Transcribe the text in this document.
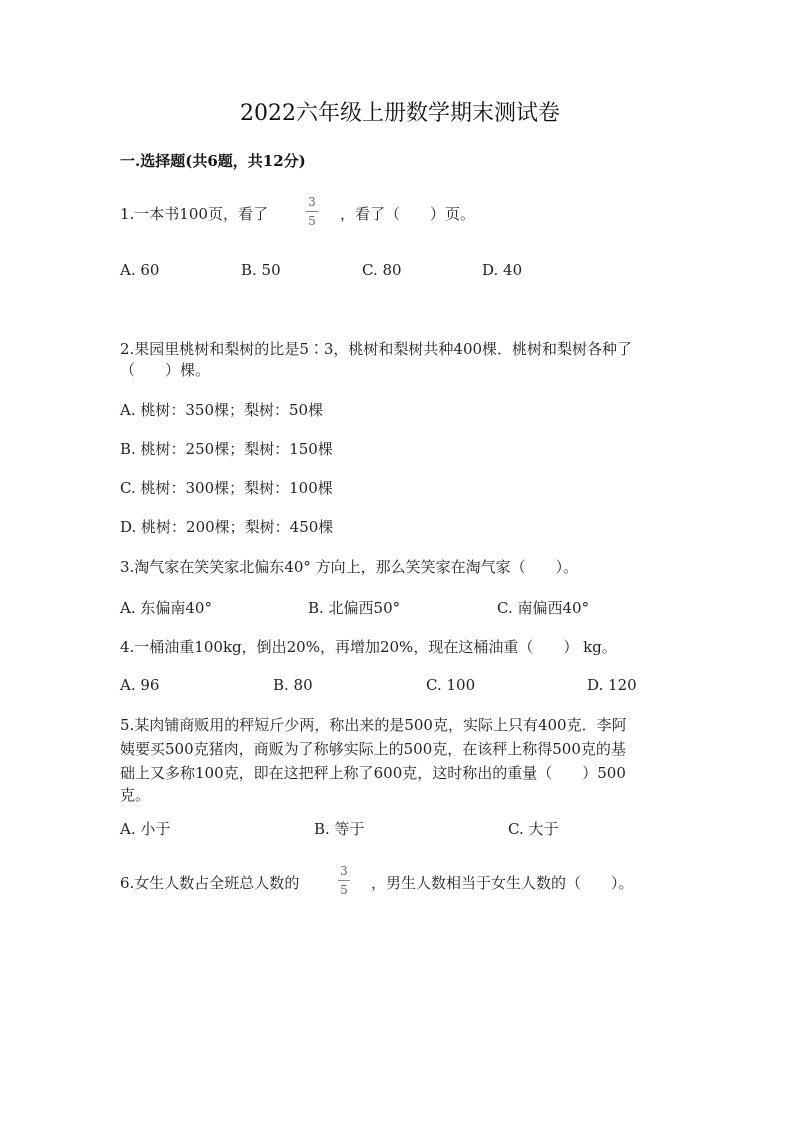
2022六年级上册数学期末测试卷
一.选择题(共6题，共12分)
1.一本书100页，看了
3
5 ，看了（　　）页。
A. 60	B. 50	C. 80	D. 40
2.果园里桃树和梨树的比是5∶3，桃树和梨树共种400棵．桃树和梨树各种了
（　　）棵。
A. 桃树：350棵；梨树：50棵
B. 桃树：250棵；梨树：150棵
C. 桃树：300棵；梨树：100棵
D. 桃树：200棵；梨树：450棵
3.淘气家在笑笑家北偏东40° 方向上，那么笑笑家在淘气家（　　）。
A. 东偏南40°	B. 北偏西50°	C. 南偏西40°
4.一桶油重100kg，倒出20%，再增加20%，现在这桶油重（　　） kg。
A. 96	B. 80	C. 100	D. 120
5.某肉铺商贩用的秤短斤少两，称出来的是500克，实际上只有400克．李阿
姨要买500克猪肉，商贩为了称够实际上的500克，在该秤上称得500克的基
础上又多称100克，即在这把秤上称了600克，这时称出的重量（　　）500
克。
A. 小于	B. 等于	C. 大于
6.女生人数占全班总人数的
3
5 ，男生人数相当于女生人数的（　　）。
